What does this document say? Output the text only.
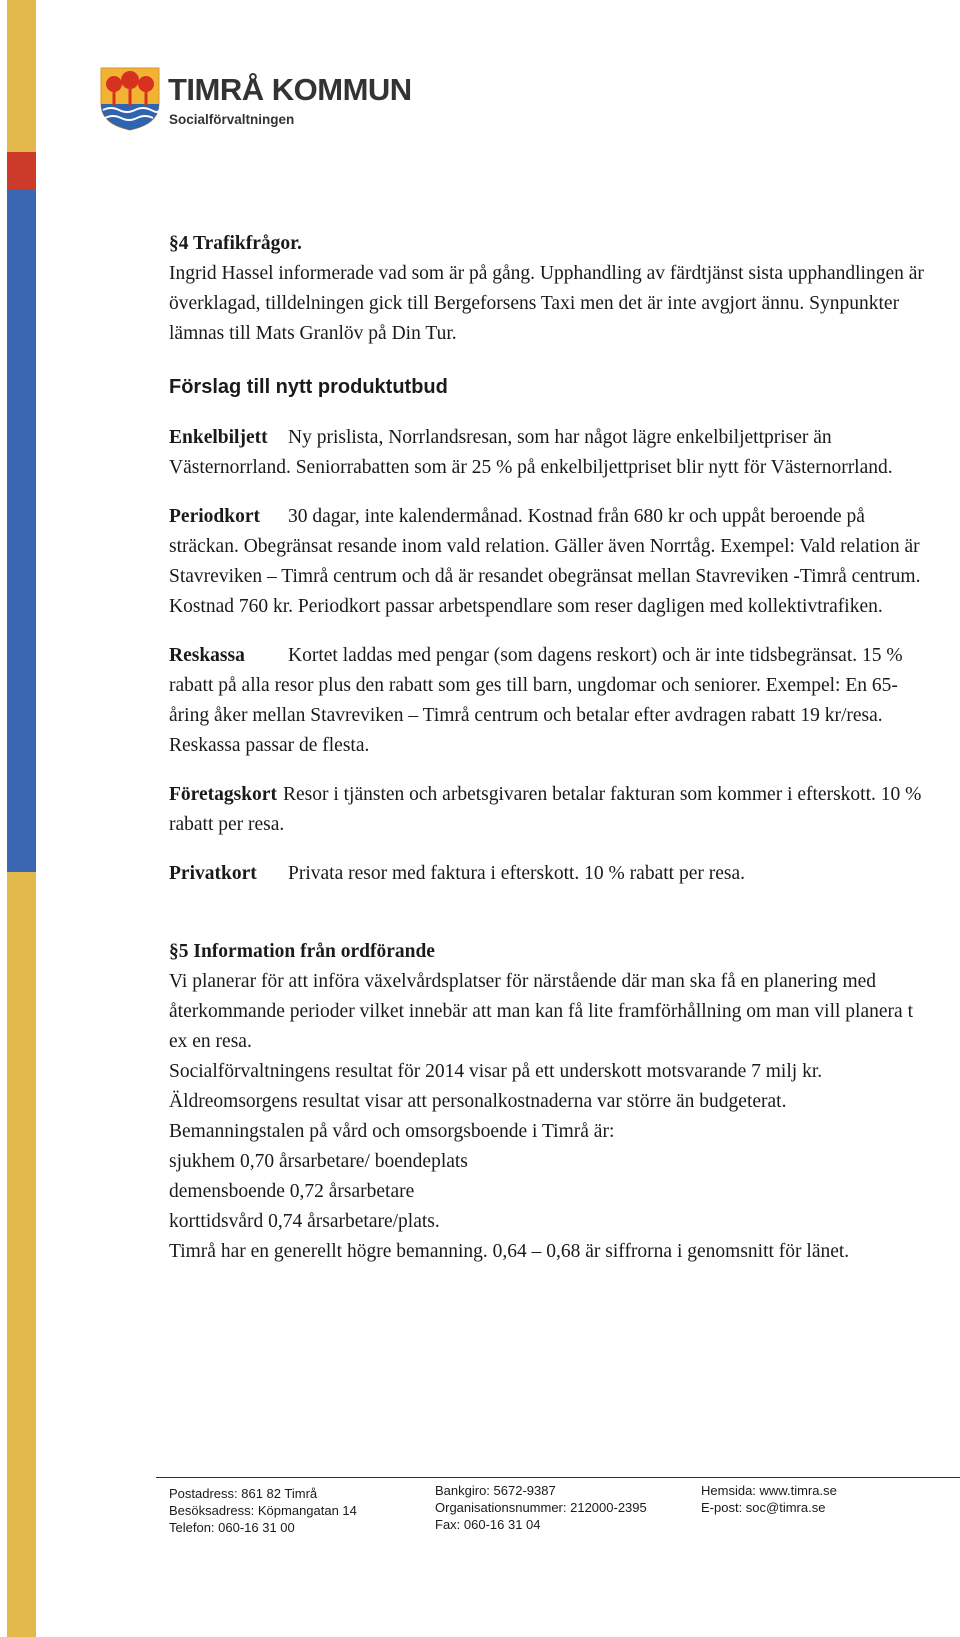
TIMRÅ KOMMUN
Socialförvaltningen

§4 Trafikfrågor.

Ingrid Hassel informerade vad som är på gång. Upphandling av färdtjänst sista upphandlingen är överklagad, tilldelningen gick till Bergeforsens Taxi men det är inte avgjort ännu. Synpunkter lämnas till Mats Granlöv på Din Tur.

Förslag till nytt produktutbud

Enkelbiljett Ny prislista, Norrlandsresan, som har något lägre enkelbiljettpriser än Västernorrland. Seniorrabatten som är 25 % på enkelbiljettpriset blir nytt för Västernorrland.

Periodkort 30 dagar, inte kalendermånad. Kostnad från 680 kr och uppåt beroende på sträckan. Obegränsat resande inom vald relation. Gäller även Norrtåg. Exempel: Vald relation är Stavreviken – Timrå centrum och då är resandet obegränsat mellan Stavreviken -Timrå centrum. Kostnad 760 kr. Periodkort passar arbetspendlare som reser dagligen med kollektivtrafiken.

Reskassa Kortet laddas med pengar (som dagens reskort) och är inte tidsbegränsat. 15 % rabatt på alla resor plus den rabatt som ges till barn, ungdomar och seniorer. Exempel: En 65-åring åker mellan Stavreviken – Timrå centrum och betalar efter avdragen rabatt 19 kr/resa. Reskassa passar de flesta.

Företagskort Resor i tjänsten och arbetsgivaren betalar fakturan som kommer i efterskott. 10 % rabatt per resa.

Privatkort Privata resor med faktura i efterskott. 10 % rabatt per resa.

§5 Information från ordförande

Vi planerar för att införa växelvårdsplatser för närstående där man ska få en planering med återkommande perioder vilket innebär att man kan få lite framförhållning om man vill planera t ex en resa.

Socialförvaltningens resultat för 2014 visar på ett underskott motsvarande 7 milj kr.

Äldreomsorgens resultat visar att personalkostnaderna var större än budgeterat.

Bemanningstalen på vård och omsorgsboende i Timrå är:

sjukhem 0,70 årsarbetare/ boendeplats

demensboende 0,72 årsarbetare

korttidsvård 0,74 årsarbetare/plats.

Timrå har en generellt högre bemanning. 0,64 – 0,68 är siffrorna i genomsnitt för länet.

Postadress: 861 82 Timrå
Besöksadress: Köpmangatan 14
Telefon: 060-16 31 00
Bankgiro: 5672-9387
Organisationsnummer: 212000-2395
Fax: 060-16 31 04
Hemsida: www.timra.se
E-post: soc@timra.se
